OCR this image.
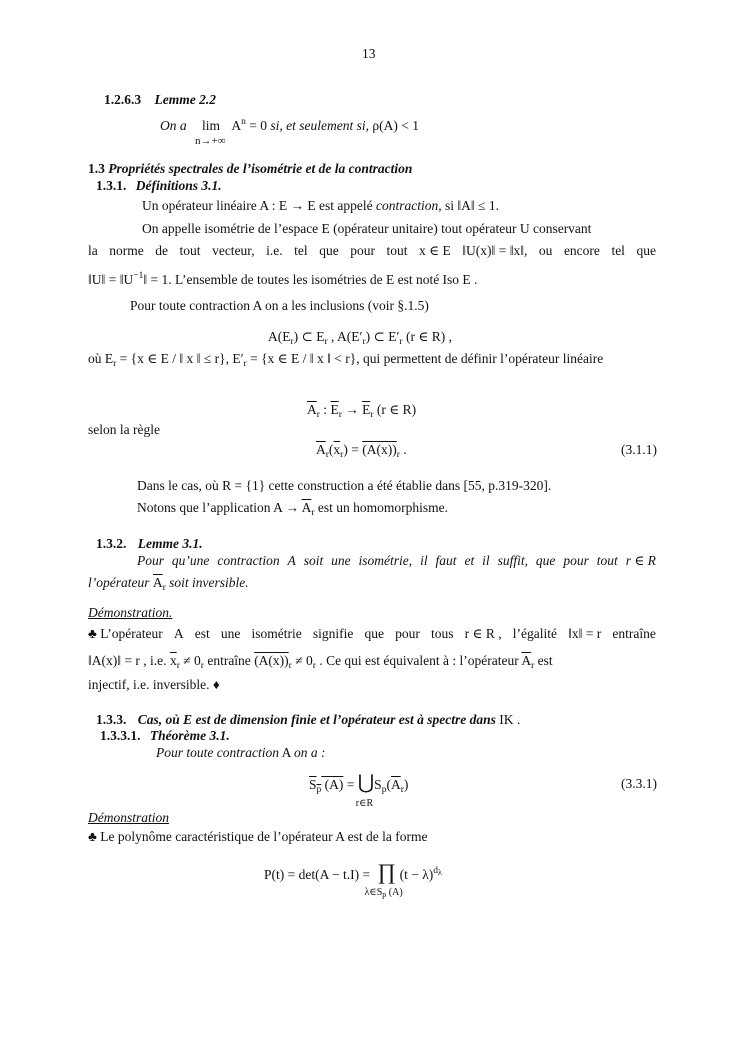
13
1.2.6.3 Lemme 2.2
On a lim
n→+∞
$A^n = 0$ si, et seulement si, ρ(A) < 1
1.3 Propriétés spectrales de l’isométrie et de la contraction
1.3.1. Définitions 3.1.
Un opérateur linéaire A : E → E est appelé contraction, si ‖A‖ ≤ 1.
On appelle isométrie de l’espace E (opérateur unitaire) tout opérateur U conservant
la norme de tout vecteur, i.e. tel que pour tout x ∈ E ‖U(x)‖ = ‖x‖, ou encore tel que
‖U‖ = $‖U^{-1}‖ = 1$. L’ensemble de toutes les isométries de E est noté Iso E .
Pour toute contraction A on a les inclusions (voir §.1.5)
$A(E_r)$ ⊂ $E_r$ , $A(E'_r)$ ⊂ $E'_r$ (r ∈ R) ,
où $E_r = \{x$ ∈ E / ‖ x ‖ ≤ r}, $E'_r = \{x$ ∈ E / ‖ x ‖ < r}, qui permettent de définir l’opérateur linéaire
$\overline{A}_r$ : $\overline{E}_r \to \overline{E}_r$ (r ∈ R)
selon la règle
$\overline{A}_r(\overline{x}_r) = (A(x))_r$ .	(3.1.1)
Dans le cas, où R = {1} cette construction a été établie dans [55, p.319-320].
Notons que l’application $A \to \overline{A}_r$ est un homomorphisme.
1.3.2. Lemme 3.1.
Pour qu’une contraction A soit une isométrie, il faut et il suffit, que pour tout r ∈ R
l’opérateur $\overline{A}_r$ soit inversible.
Démonstration.
♣ L’opérateur A est une isométrie signifie que pour tous r ∈ R , l’égalité ‖x‖ = r entraîne
‖A(x)‖ = r , i.e. $\overline{x}_r \ne 0_r$ entraîne $(A(x))_r \ne 0_r$ . Ce qui est équivalent à : l’opérateur $\overline{A}_r$ est
injectif, i.e. inversible. ♦
1.3.3. Cas, où E est de dimension finie et l’opérateur est à spectre dans IK .
1.3.3.1. Théorème 3.1.
Pour toute contraction A on a :
$S_p$ (A) = ⋃
r∈R
$S_p(\overline{A}_r)$	(3.3.1)
Démonstration
♣ Le polynôme caractéristique de l’opérateur A est de la forme
P(t) = det(A − t.I) = ∏
$\lambda\in S_p$ (A)
$(t - \lambda)^{d\lambda}$
